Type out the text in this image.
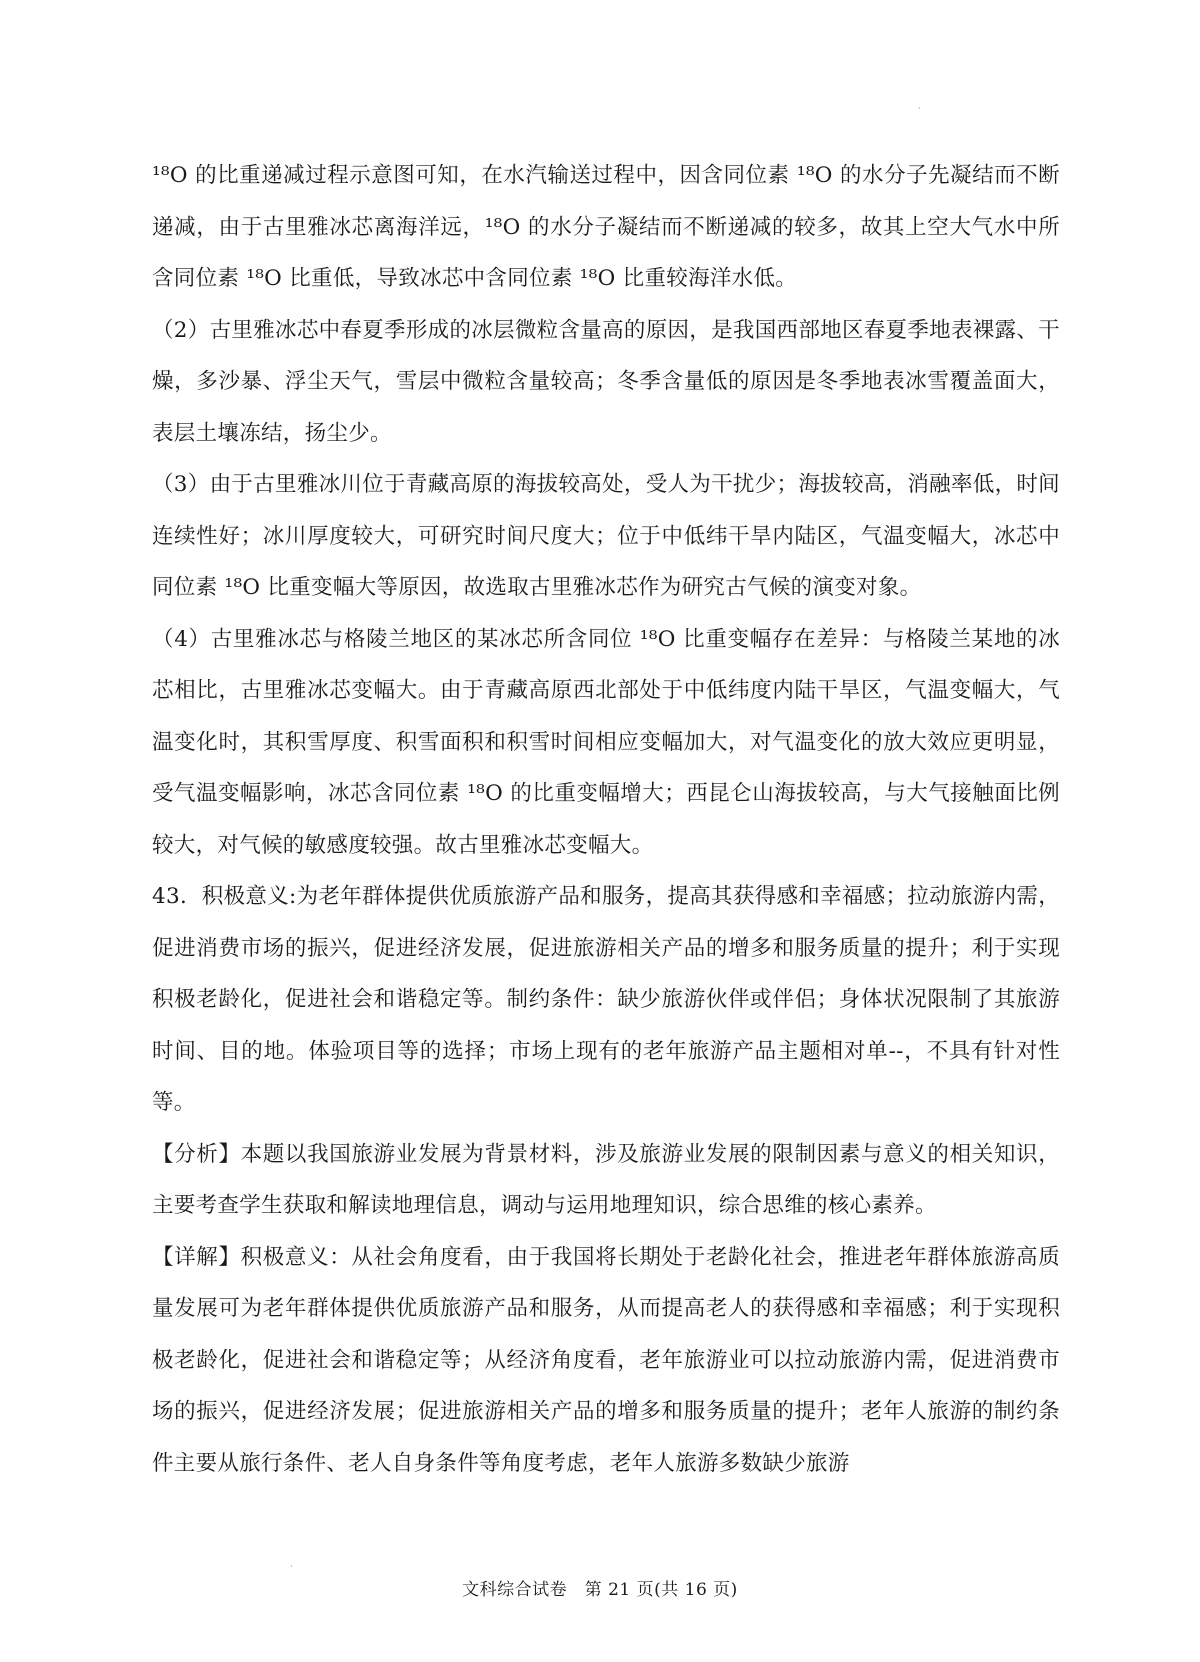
·

¹⁸O 的比重递减过程示意图可知，在水汽输送过程中，因含同位素 ¹⁸O 的水分子先凝结而不断递减，由于古里雅冰芯离海洋远，¹⁸O 的水分子凝结而不断递减的较多，故其上空大气水中所含同位素 ¹⁸O 比重低，导致冰芯中含同位素 ¹⁸O 比重较海洋水低。

（2）古里雅冰芯中春夏季形成的冰层微粒含量高的原因，是我国西部地区春夏季地表裸露、干燥，多沙暴、浮尘天气，雪层中微粒含量较高；冬季含量低的原因是冬季地表冰雪覆盖面大，表层土壤冻结，扬尘少。

（3）由于古里雅冰川位于青藏高原的海拔较高处，受人为干扰少；海拔较高，消融率低，时间连续性好；冰川厚度较大，可研究时间尺度大；位于中低纬干旱内陆区，气温变幅大，冰芯中同位素 ¹⁸O 比重变幅大等原因，故选取古里雅冰芯作为研究古气候的演变对象。

（4）古里雅冰芯与格陵兰地区的某冰芯所含同位 ¹⁸O 比重变幅存在差异：与格陵兰某地的冰芯相比，古里雅冰芯变幅大。由于青藏高原西北部处于中低纬度内陆干旱区，气温变幅大，气温变化时，其积雪厚度、积雪面积和积雪时间相应变幅加大，对气温变化的放大效应更明显，受气温变幅影响，冰芯含同位素 ¹⁸O 的比重变幅增大；西昆仑山海拔较高，与大气接触面比例较大，对气候的敏感度较强。故古里雅冰芯变幅大。

43．积极意义:为老年群体提供优质旅游产品和服务，提高其获得感和幸福感；拉动旅游内需，促进消费市场的振兴，促进经济发展，促进旅游相关产品的增多和服务质量的提升；利于实现积极老龄化，促进社会和谐稳定等。制约条件：缺少旅游伙伴或伴侣；身体状况限制了其旅游时间、目的地。体验项目等的选择；市场上现有的老年旅游产品主题相对单--，不具有针对性等。

【分析】本题以我国旅游业发展为背景材料，涉及旅游业发展的限制因素与意义的相关知识，主要考查学生获取和解读地理信息，调动与运用地理知识，综合思维的核心素养。

【详解】积极意义：从社会角度看，由于我国将长期处于老龄化社会，推进老年群体旅游高质量发展可为老年群体提供优质旅游产品和服务，从而提高老人的获得感和幸福感；利于实现积极老龄化，促进社会和谐稳定等；从经济角度看，老年旅游业可以拉动旅游内需，促进消费市场的振兴，促进经济发展；促进旅游相关产品的增多和服务质量的提升；老年人旅游的制约条件主要从旅行条件、老人自身条件等角度考虑，老年人旅游多数缺少旅游

·
文科综合试卷　第 21 页(共 16 页)
